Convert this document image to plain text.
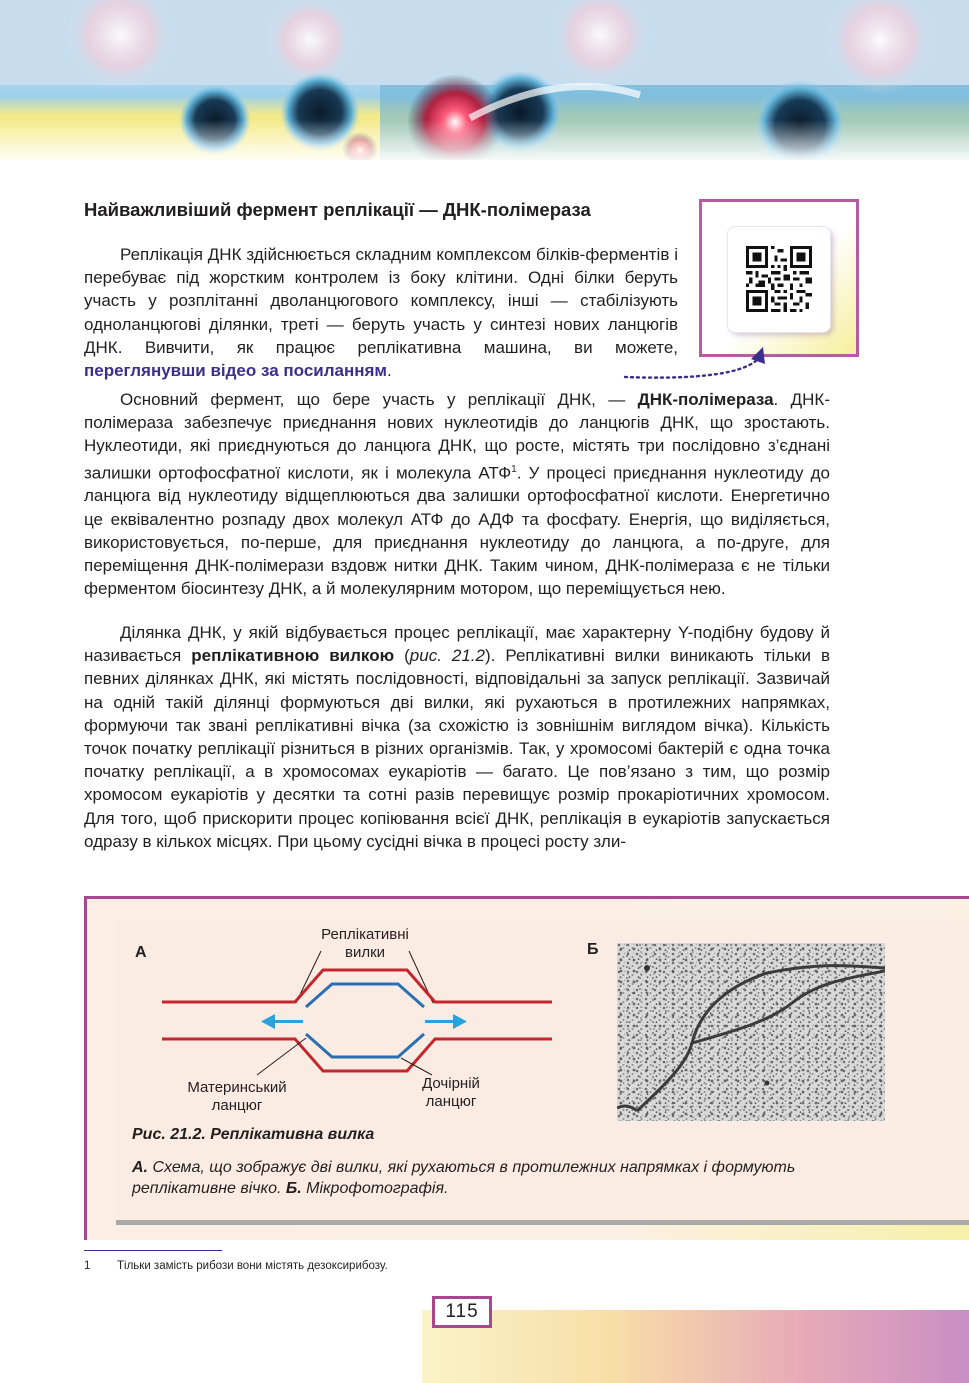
Найважливіший фермент реплікації — ДНК-полімераза

Реплікація ДНК здійснюється складним комплексом білків-ферментів і перебуває під жорстким контролем із боку клітини. Одні білки беруть участь у розплітанні дволанцюгового комплексу, інші — стабілізують одноланцюгові ділянки, треті — беруть участь у синтезі нових ланцюгів ДНК. Вивчити, як працює реплікативна машина, ви можете, переглянувши відео за посиланням.

Основний фермент, що бере участь у реплікації ДНК, — ДНК-полімераза. ДНК-полімераза забезпечує приєднання нових нуклеотидів до ланцюгів ДНК, що зростають. Нуклеотиди, які приєднуються до ланцюга ДНК, що росте, містять три послідовно з’єднані залишки ортофосфатної кислоти, як і молекула АТФ$^1$. У процесі приєднання нуклеотиду до ланцюга від нуклеотиду відщеплюються два залишки ортофосфатної кислоти. Енергетично це еквівалентно розпаду двох молекул АТФ до АДФ та фосфату. Енергія, що виділяється, використовується, по-перше, для приєднання нуклеотиду до ланцюга, а по-друге, для переміщення ДНК-полімерази вздовж нитки ДНК. Таким чином, ДНК-полімераза є не тільки ферментом біосинтезу ДНК, а й молекулярним мотором, що переміщується нею.

Ділянка ДНК, у якій відбувається процес реплікації, має характерну Y-подібну будову й називається реплікативною вилкою (рис. 21.2). Реплікативні вилки виникають тільки в певних ділянках ДНК, які містять послідовності, відповідальні за запуск реплікації. Зазвичай на одній такій ділянці формуються дві вилки, які рухаються в протилежних напрямках, формуючи так звані реплікативні вічка (за схожістю із зовнішнім виглядом вічка). Кількість точок початку реплікації різниться в різних організмів. Так, у хромосомі бактерій є одна точка початку реплікації, а в хромосомах еукаріотів — багато. Це пов’язано з тим, що розмір хромосом еукаріотів у десятки та сотні разів перевищує розмір прокаріотичних хромосом. Для того, щоб прискорити процес копіювання всієї ДНК, реплікація в еукаріотів запускається одразу в кількох місцях. При цьому сусідні вічка в процесі росту зли-

А
Реплікативні
вилки
Материнський
ланцюг
Дочірній
ланцюг
Б

Рис. 21.2. Реплікативна вилка

А. Схема, що зображує дві вилки, які рухаються в протилежних напрямках і формують реплікативне вічко. Б. Мікрофотографія.

1 Тільки замість рибози вони містять дезоксирибозу.

115
